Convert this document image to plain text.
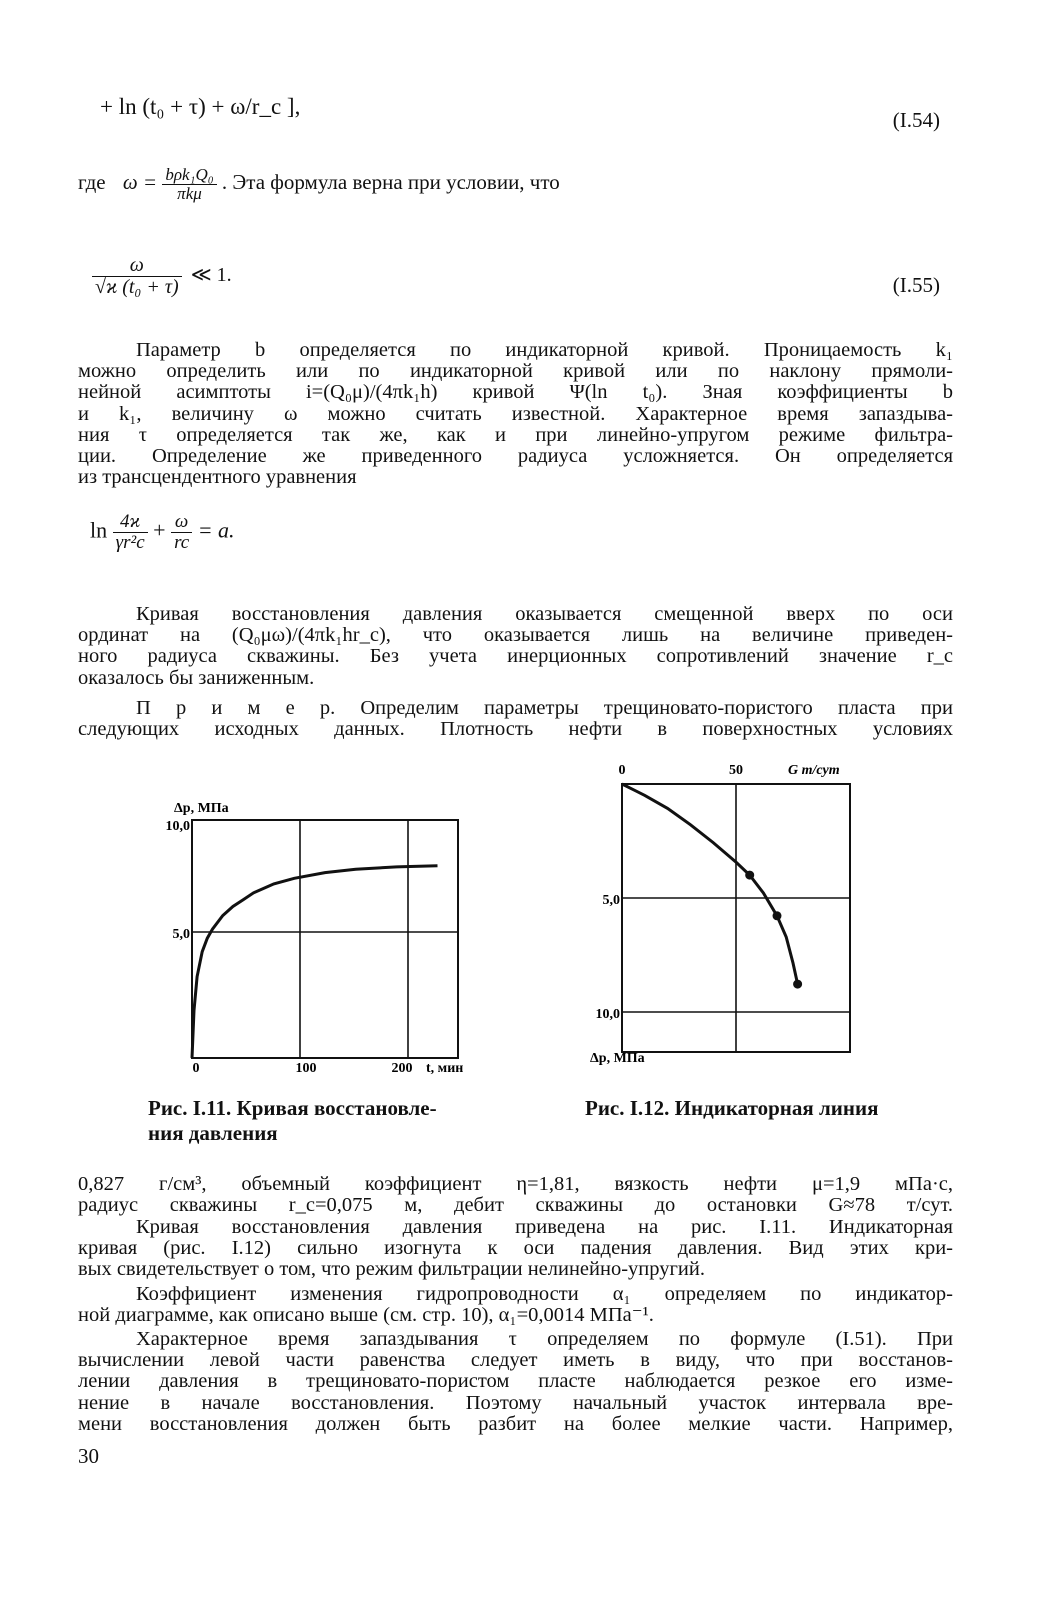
+ ln (t₀ + τ) + ω/r_c ],
(I.54)
где $\omega = \frac{\text{bρk₁Q₀}}{\text{πkμ}}$ . Эта формула верна при условии, что
$\frac{\omega}{\text{√ϰ (t₀ + τ)}}$ ≪ 1.	(I.55)
Параметр b определяется по индикаторной кривой. Проницаемость k₁
можно определить или по индикаторной кривой или по наклону прямоли-
нейной асимптоты i=(Q₀μ)/(4πk₁h) кривой Ψ(ln t₀). Зная коэффициенты b
и k₁, величину ω можно считать известной. Характерное время запаздыва-
ния τ определяется так же, как и при линейно-упругом режиме фильтра-
ции. Определение же приведенного радиуса усложняется. Он определяется
из трансцендентного уравнения
$\ln \frac{4ϰ}{\text{γr²c}} + \frac{\omega}{rc} = a$.
Кривая восстановления давления оказывается смещенной вверх по оси
ординат на (Q₀μω)/(4πk₁hr_c), что оказывается лишь на величине приведен-
ного радиуса скважины. Без учета инерционных сопротивлений значение r_c
оказалось бы заниженным.
П р и м е р. Определим параметры трещиновато-пористого пласта при
следующих исходных данных. Плотность нефти в поверхностных условиях
Δp, МПа
10,0
5,0
0	100	200 t, мин
Рис. I.11. Кривая восстановле-
ния давления
0	50	G т/сут
5,0
10,0
Δp, МПа
Рис. I.12. Индикаторная линия
0,827 г/см³, объемный коэффициент η=1,81, вязкость нефти μ=1,9 мПа·с,
радиус скважины r_c=0,075 м, дебит скважины до остановки G≈78 т/сут.
Кривая восстановления давления приведена на рис. I.11. Индикаторная
кривая (рис. I.12) сильно изогнута к оси падения давления. Вид этих кри-
вых свидетельствует о том, что режим фильтрации нелинейно-упругий.
Коэффициент изменения гидропроводности α₁ определяем по индикатор-
ной диаграмме, как описано выше (см. стр. 10), α₁=0,0014 МПа⁻¹.
Характерное время запаздывания τ определяем по формуле (I.51). При
вычислении левой части равенства следует иметь в виду, что при восстанов-
лении давления в трещиновато-пористом пласте наблюдается резкое его изме-
нение в начале восстановления. Поэтому начальный участок интервала вре-
мени восстановления должен быть разбит на более мелкие части. Например,
30
